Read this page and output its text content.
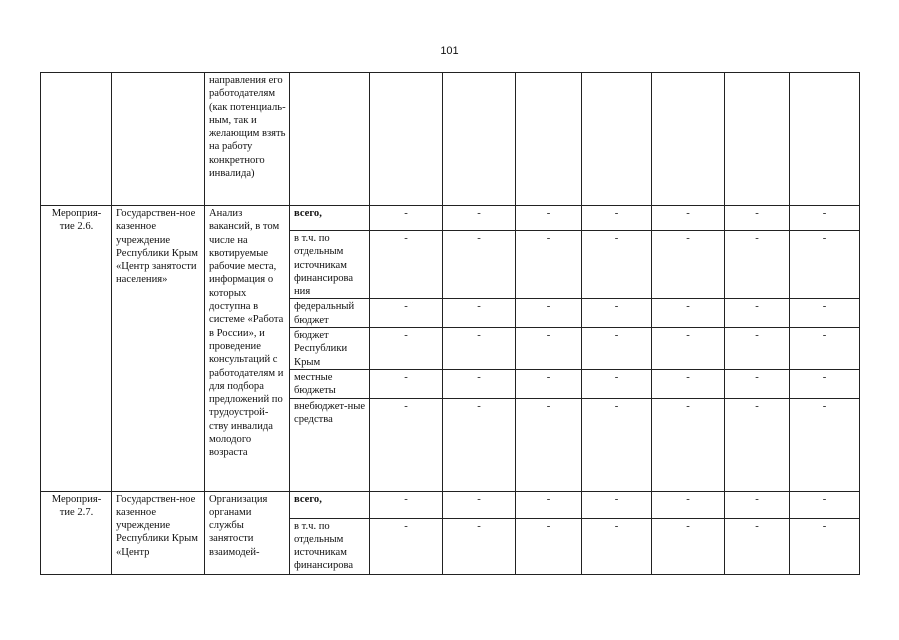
101
		направления его работодателям (как потенциаль-ным, так и желающим взять на работу конкретного инвалида)								
Мероприя-тие 2.6.	Государствен-ное казенное учреждение Республики Крым «Центр занятости населения»	Анализ вакансий, в том числе на квотируемые рабочие места, информация о которых доступна в системе «Работа в России», и проведение консультаций с работодателям и для подбора предложений по трудоустрой-ству инвалида молодого возраста	всего,	-	-	-	-	-	-	-
			в т.ч. по отдельным источникам финансирова ния	-	-	-	-	-	-	-
			федеральный бюджет	-	-	-	-	-	-	-
			бюджет Республики Крым	-	-	-	-	-	-	-
			местные бюджеты	-	-	-	-	-	-	-
			внебюджет-ные средства	-	-	-	-	-	-	-
Мероприя-тие 2.7.	Государствен-ное казенное учреждение Республики Крым «Центр	Организация органами службы занятости взаимодей-	всего,	-	-	-	-	-	-	-

			в т.ч. по отдельным источникам финансирова	-	-	-	-	-	-	-
